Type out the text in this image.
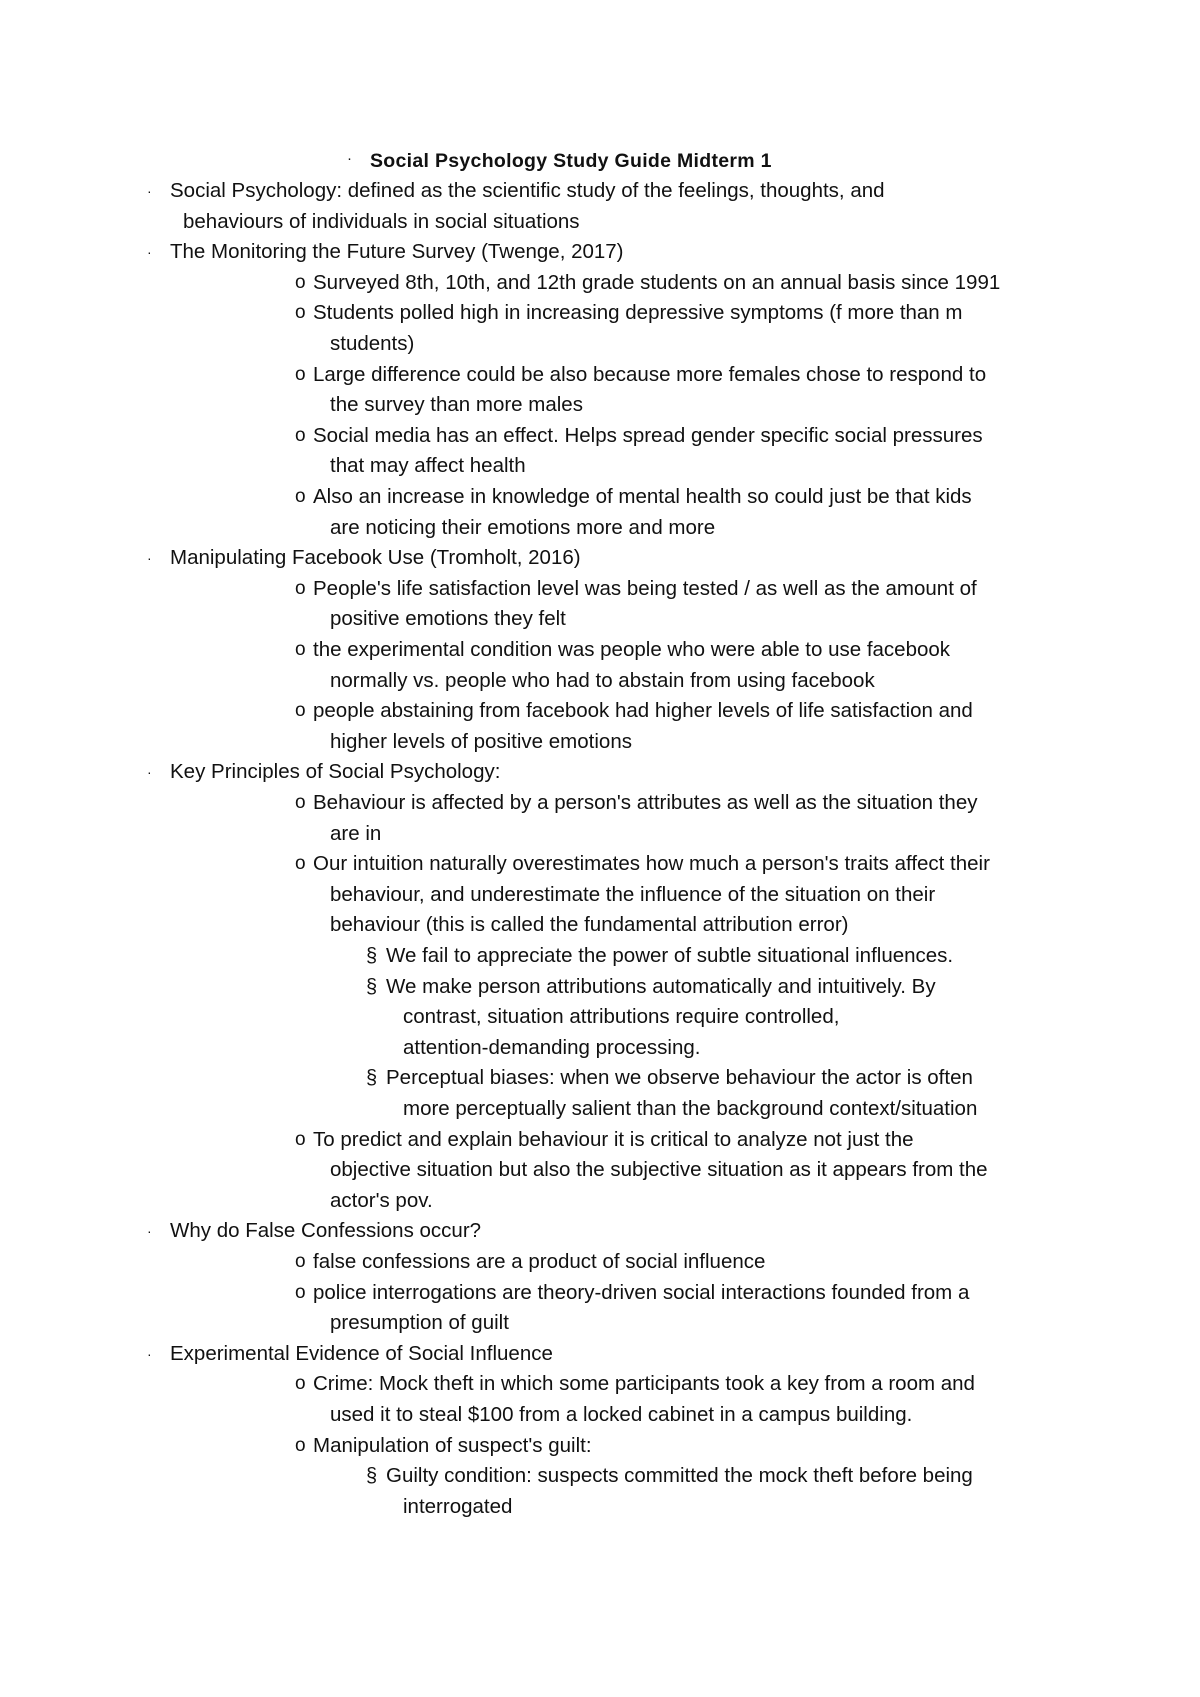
· Social Psychology Study Guide Midterm 1
· Social Psychology: defined as the scientific study of the feelings, thoughts, and
behaviours of individuals in social situations
· The Monitoring the Future Survey (Twenge, 2017)
o Surveyed 8th, 10th, and 12th grade students on an annual basis since 1991
o Students polled high in increasing depressive symptoms (f more than m
students)
o Large difference could be also because more females chose to respond to
the survey than more males
o Social media has an effect. Helps spread gender specific social pressures
that may affect health
o Also an increase in knowledge of mental health so could just be that kids
are noticing their emotions more and more
· Manipulating Facebook Use (Tromholt, 2016)
o People's life satisfaction level was being tested / as well as the amount of
positive emotions they felt
o the experimental condition was people who were able to use facebook
normally vs. people who had to abstain from using facebook
o people abstaining from facebook had higher levels of life satisfaction and
higher levels of positive emotions
· Key Principles of Social Psychology:
o Behaviour is affected by a person's attributes as well as the situation they
are in
o Our intuition naturally overestimates how much a person's traits affect their
behaviour, and underestimate the influence of the situation on their
behaviour (this is called the fundamental attribution error)
§ We fail to appreciate the power of subtle situational influences.
§ We make person attributions automatically and intuitively. By
contrast, situation attributions require controlled,
attention-demanding processing.
§ Perceptual biases: when we observe behaviour the actor is often
more perceptually salient than the background context/situation
o To predict and explain behaviour it is critical to analyze not just the
objective situation but also the subjective situation as it appears from the
actor's pov.
· Why do False Confessions occur?
o false confessions are a product of social influence
o police interrogations are theory-driven social interactions founded from a
presumption of guilt
· Experimental Evidence of Social Influence
o Crime: Mock theft in which some participants took a key from a room and
used it to steal $100 from a locked cabinet in a campus building.
o Manipulation of suspect's guilt:
§ Guilty condition: suspects committed the mock theft before being
interrogated
